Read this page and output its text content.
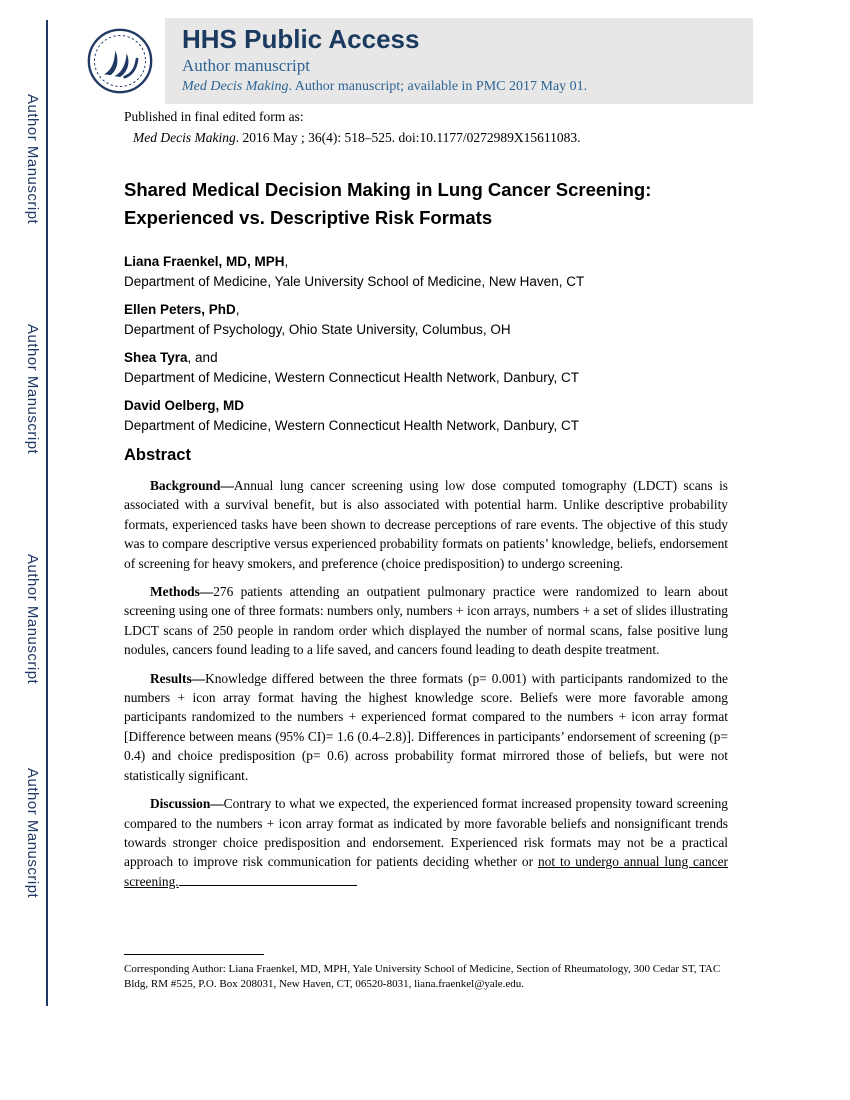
Author Manuscript
Author Manuscript
Author Manuscript
Author Manuscript
HHS Public Access
Author manuscript
Med Decis Making. Author manuscript; available in PMC 2017 May 01.
Published in final edited form as:
Med Decis Making. 2016 May ; 36(4): 518–525. doi:10.1177/0272989X15611083.
Shared Medical Decision Making in Lung Cancer Screening:
Experienced vs. Descriptive Risk Formats
Liana Fraenkel, MD, MPH,
Department of Medicine, Yale University School of Medicine, New Haven, CT
Ellen Peters, PhD,
Department of Psychology, Ohio State University, Columbus, OH
Shea Tyra, and
Department of Medicine, Western Connecticut Health Network, Danbury, CT
David Oelberg, MD
Department of Medicine, Western Connecticut Health Network, Danbury, CT
Abstract

Background—Annual lung cancer screening using low dose computed tomography (LDCT) scans is associated with a survival benefit, but is also associated with potential harm. Unlike descriptive probability formats, experienced tasks have been shown to decrease perceptions of rare events. The objective of this study was to compare descriptive versus experienced probability formats on patients’ knowledge, beliefs, endorsement of screening for heavy smokers, and preference (choice predisposition) to undergo screening.

Methods—276 patients attending an outpatient pulmonary practice were randomized to learn about screening using one of three formats: numbers only, numbers + icon arrays, numbers + a set of slides illustrating LDCT scans of 250 people in random order which displayed the number of normal scans, false positive lung nodules, cancers found leading to a life saved, and cancers found leading to death despite treatment.

Results—Knowledge differed between the three formats (p= 0.001) with participants randomized to the numbers + icon array format having the highest knowledge score. Beliefs were more favorable among participants randomized to the numbers + experienced format compared to the numbers + icon array format [Difference between means (95% CI)= 1.6 (0.4–2.8)]. Differences in participants’ endorsement of screening (p= 0.4) and choice predisposition (p= 0.6) across probability format mirrored those of beliefs, but were not statistically significant.

Discussion—Contrary to what we expected, the experienced format increased propensity toward screening compared to the numbers + icon array format as indicated by more favorable beliefs and nonsignificant trends towards stronger choice predisposition and endorsement. Experienced risk formats may not be a practical approach to improve risk communication for patients deciding whether or not to undergo annual lung cancer screening.

Corresponding Author: Liana Fraenkel, MD, MPH, Yale University School of Medicine, Section of Rheumatology, 300 Cedar ST, TAC Bldg, RM #525, P.O. Box 208031, New Haven, CT, 06520-8031, liana.fraenkel@yale.edu.
